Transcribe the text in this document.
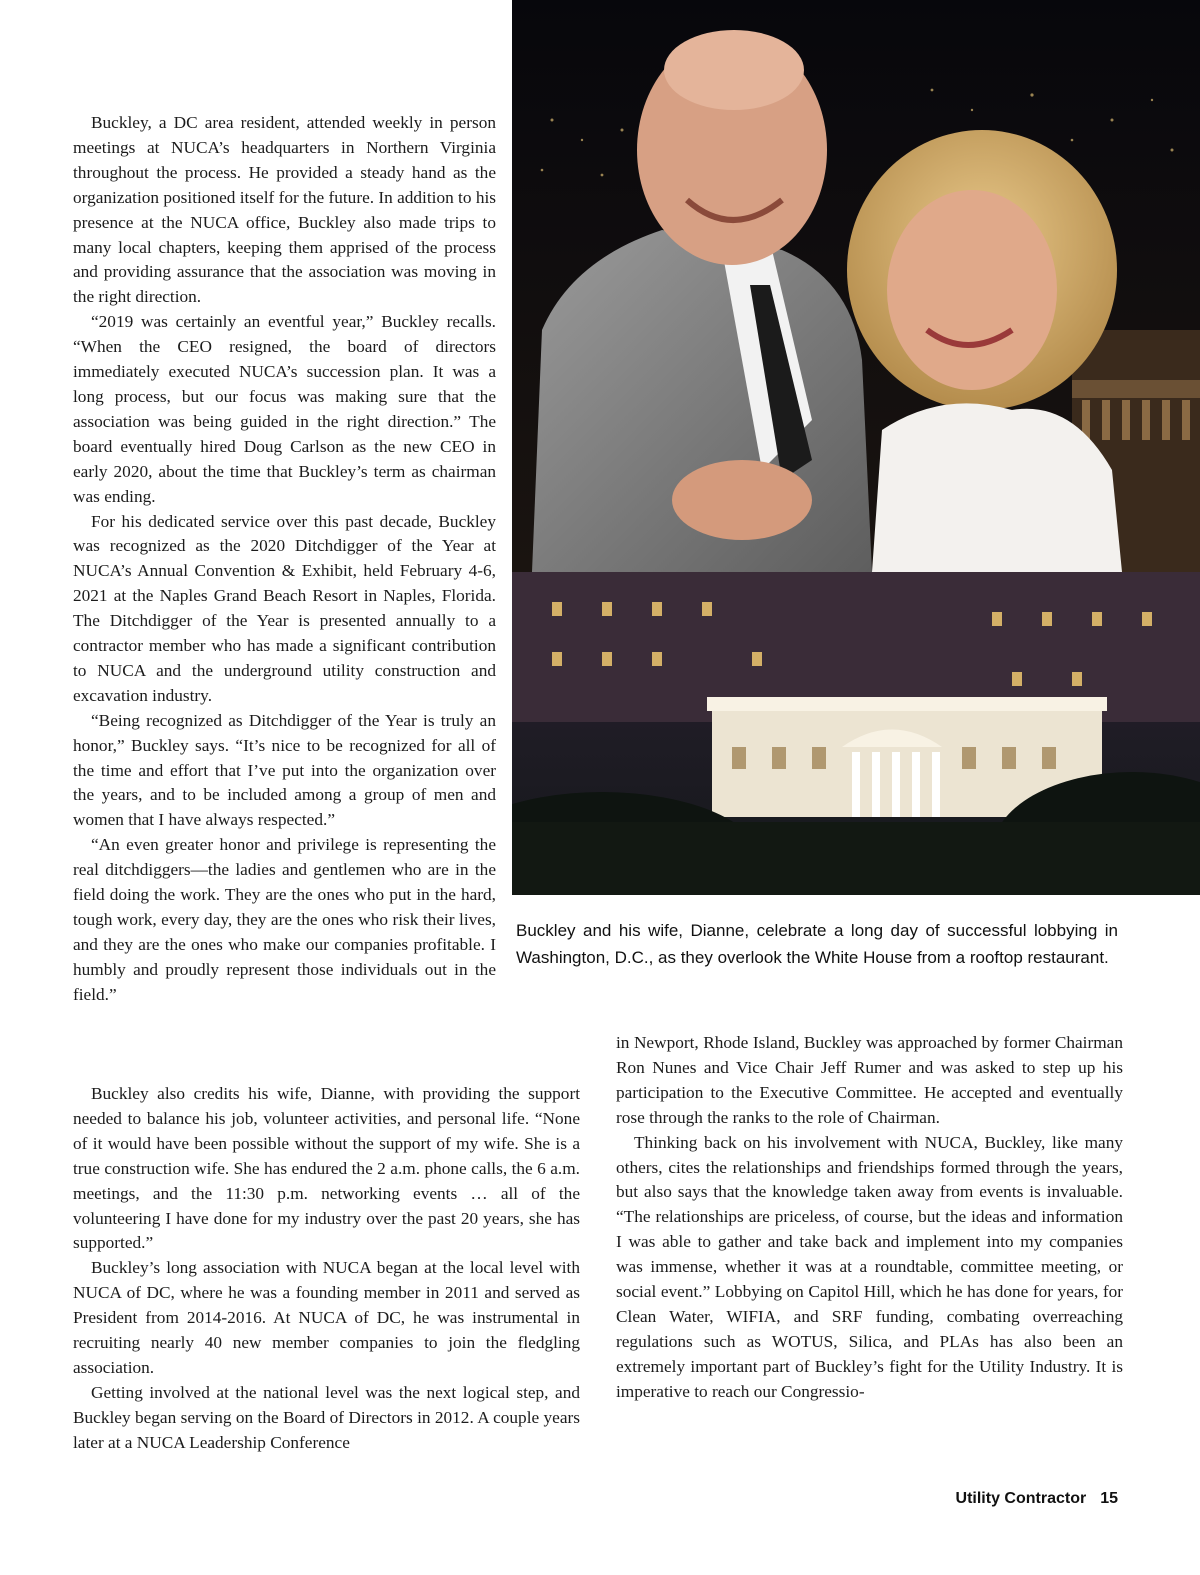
Buckley, a DC area resident, attended weekly in person meetings at NUCA’s headquarters in Northern Virginia throughout the process. He provided a steady hand as the organization positioned itself for the future. In addition to his presence at the NUCA office, Buckley also made trips to many local chapters, keeping them apprised of the process and providing assurance that the association was moving in the right direction.

“2019 was certainly an eventful year,” Buckley recalls. “When the CEO resigned, the board of directors immediately executed NUCA’s succession plan. It was a long process, but our focus was making sure that the association was being guided in the right direction.” The board eventually hired Doug Carlson as the new CEO in early 2020, about the time that Buckley’s term as chairman was ending.

For his dedicated service over this past decade, Buckley was recognized as the 2020 Ditchdigger of the Year at NUCA’s Annual Convention & Exhibit, held February 4-6, 2021 at the Naples Grand Beach Resort in Naples, Florida. The Ditchdigger of the Year is presented annually to a contractor member who has made a significant contribution to NUCA and the underground utility construction and excavation industry.

“Being recognized as Ditchdigger of the Year is truly an honor,” Buckley says. “It’s nice to be recognized for all of the time and effort that I’ve put into the organization over the years, and to be included among a group of men and women that I have always respected.”

“An even greater honor and privilege is representing the real ditchdiggers—the ladies and gentlemen who are in the field doing the work. They are the ones who put in the hard, tough work, every day, they are the ones who risk their lives, and they are the ones who make our companies profitable. I humbly and proudly represent those individuals out in the field.”

Buckley also credits his wife, Dianne, with providing the support needed to balance his job, volunteer activities, and personal life. “None of it would have been possible without the support of my wife. She is a true construction wife. She has endured the 2 a.m. phone calls, the 6 a.m. meetings, and the 11:30 p.m. networking events … all of the volunteering I have done for my industry over the past 20 years, she has supported.”

Buckley’s long association with NUCA began at the local level with NUCA of DC, where he was a founding member in 2011 and served as President from 2014-2016. At NUCA of DC, he was instrumental in recruiting nearly 40 new member companies to join the fledgling association.

Getting involved at the national level was the next logical step, and Buckley began serving on the Board of Directors in 2012. A couple years later at a NUCA Leadership Conference

in Newport, Rhode Island, Buckley was approached by former Chairman Ron Nunes and Vice Chair Jeff Rumer and was asked to step up his participation to the Executive Committee. He accepted and eventually rose through the ranks to the role of Chairman.

Thinking back on his involvement with NUCA, Buckley, like many others, cites the relationships and friendships formed through the years, but also says that the knowledge taken away from events is invaluable. “The relationships are priceless, of course, but the ideas and information I was able to gather and take back and implement into my companies was immense, whether it was at a roundtable, committee meeting, or social event.” Lobbying on Capitol Hill, which he has done for years, for Clean Water, WIFIA, and SRF funding, combating overreaching regulations such as WOTUS, Silica, and PLAs has also been an extremely important part of Buckley’s fight for the Utility Industry. It is imperative to reach our Congressio-

Buckley and his wife, Dianne, celebrate a long day of successful lobbying in Washington, D.C., as they overlook the White House from a rooftop restaurant.

Utility Contractor 15
